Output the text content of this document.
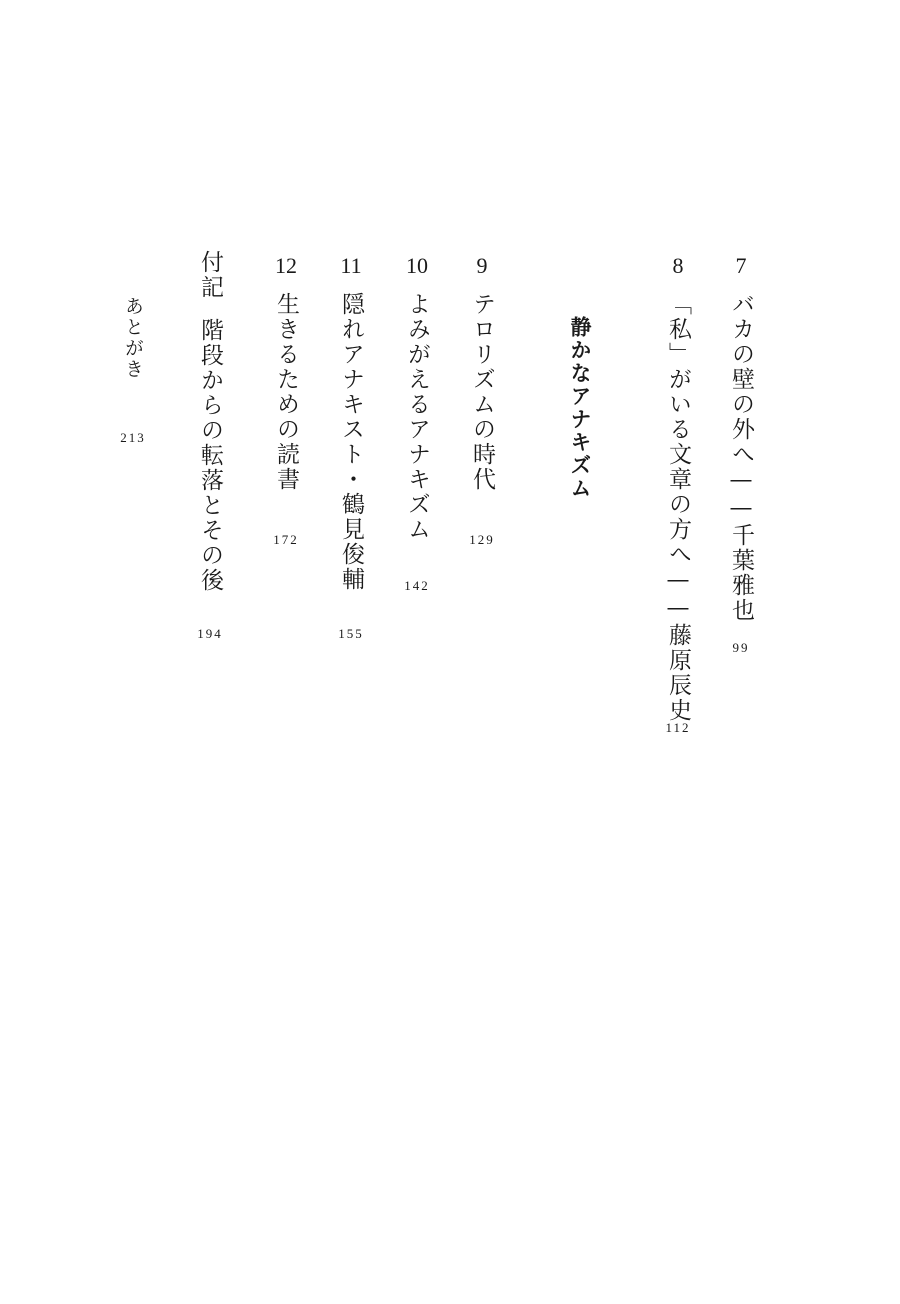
7
バカの壁の外へ——千葉雅也
99
8
「私」がいる文章の方へ——藤原辰史
112
静かなアナキズム
9
テロリズムの時代
129
10
よみがえるアナキズム
142
11
隠れアナキスト・鶴見俊輔
155
12
生きるための読書
172
付記
階段からの転落とその後
194
あとがき
213
